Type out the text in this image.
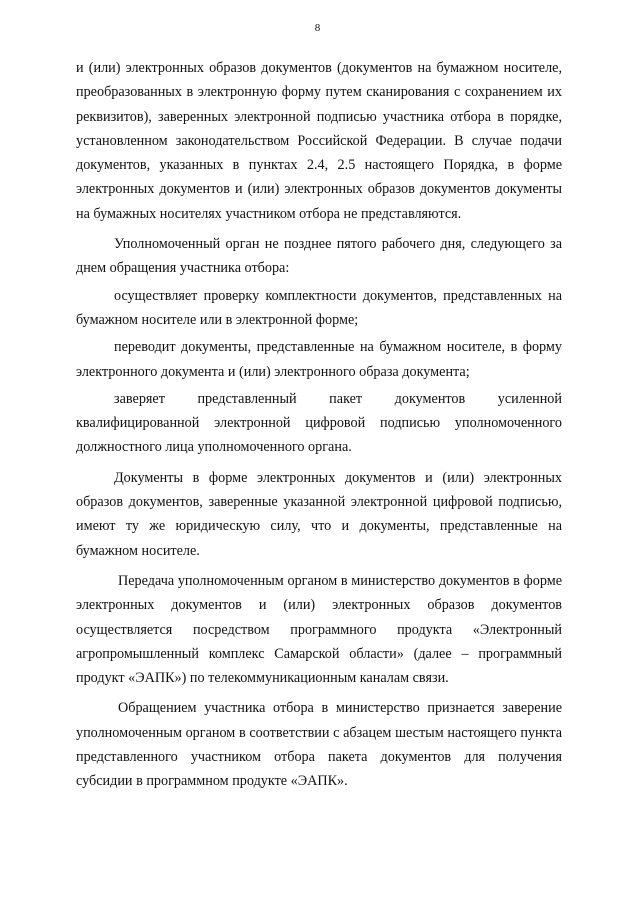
8

и (или) электронных образов документов (документов на бумажном носителе, преобразованных в электронную форму путем сканирования с сохранением их реквизитов), заверенных электронной подписью участника отбора в порядке, установленном законодательством Российской Федерации. В случае подачи документов, указанных в пунктах 2.4, 2.5 настоящего Порядка, в форме электронных документов и (или) электронных образов документов документы на бумажных носителях участником отбора не представляются.

Уполномоченный орган не позднее пятого рабочего дня, следующего за днем обращения участника отбора:

осуществляет проверку комплектности документов, представленных на бумажном носителе или в электронной форме;

переводит документы, представленные на бумажном носителе, в форму электронного документа и (или) электронного образа документа;

заверяет представленный пакет документов усиленной квалифицированной электронной цифровой подписью уполномоченного должностного лица уполномоченного органа.

Документы в форме электронных документов и (или) электронных образов документов, заверенные указанной электронной цифровой подписью, имеют ту же юридическую силу, что и документы, представленные на бумажном носителе.

Передача уполномоченным органом в министерство документов в форме электронных документов и (или) электронных образов документов осуществляется посредством программного продукта «Электронный агропромышленный комплекс Самарской области» (далее – программный продукт «ЭАПК») по телекоммуникационным каналам связи.

Обращением участника отбора в министерство признается заверение уполномоченным органом в соответствии с абзацем шестым настоящего пункта представленного участником отбора пакета документов для получения субсидии в программном продукте «ЭАПК».
